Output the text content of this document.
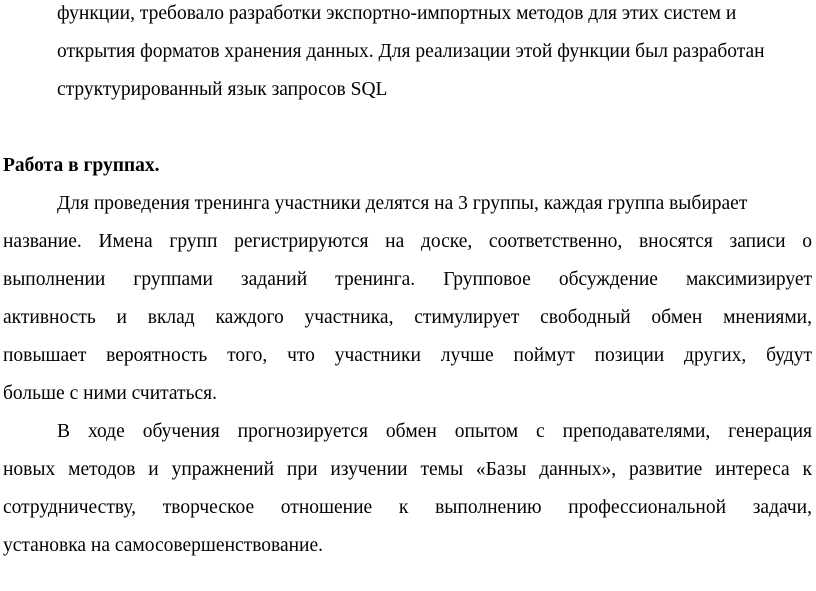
функции, требовало разработки экспортно-импортных методов для этих систем и
открытия форматов хранения данных. Для реализации этой функции был разработан
структурированный язык запросов SQL
Работа в группах.
Для проведения тренинга участники делятся на 3 группы, каждая группа выбирает
название. Имена групп регистрируются на доске, соответственно, вносятся записи о
выполнении группами заданий тренинга. Групповое обсуждение максимизирует
активность и вклад каждого участника, стимулирует свободный обмен мнениями,
повышает вероятность того, что участники лучше поймут позиции других, будут
больше с ними считаться.
В ходе обучения прогнозируется обмен опытом с преподавателями, генерация
новых методов и упражнений при изучении темы «Базы данных», развитие интереса к
сотрудничеству, творческое отношение к выполнению профессиональной задачи,
установка на самосовершенствование.
